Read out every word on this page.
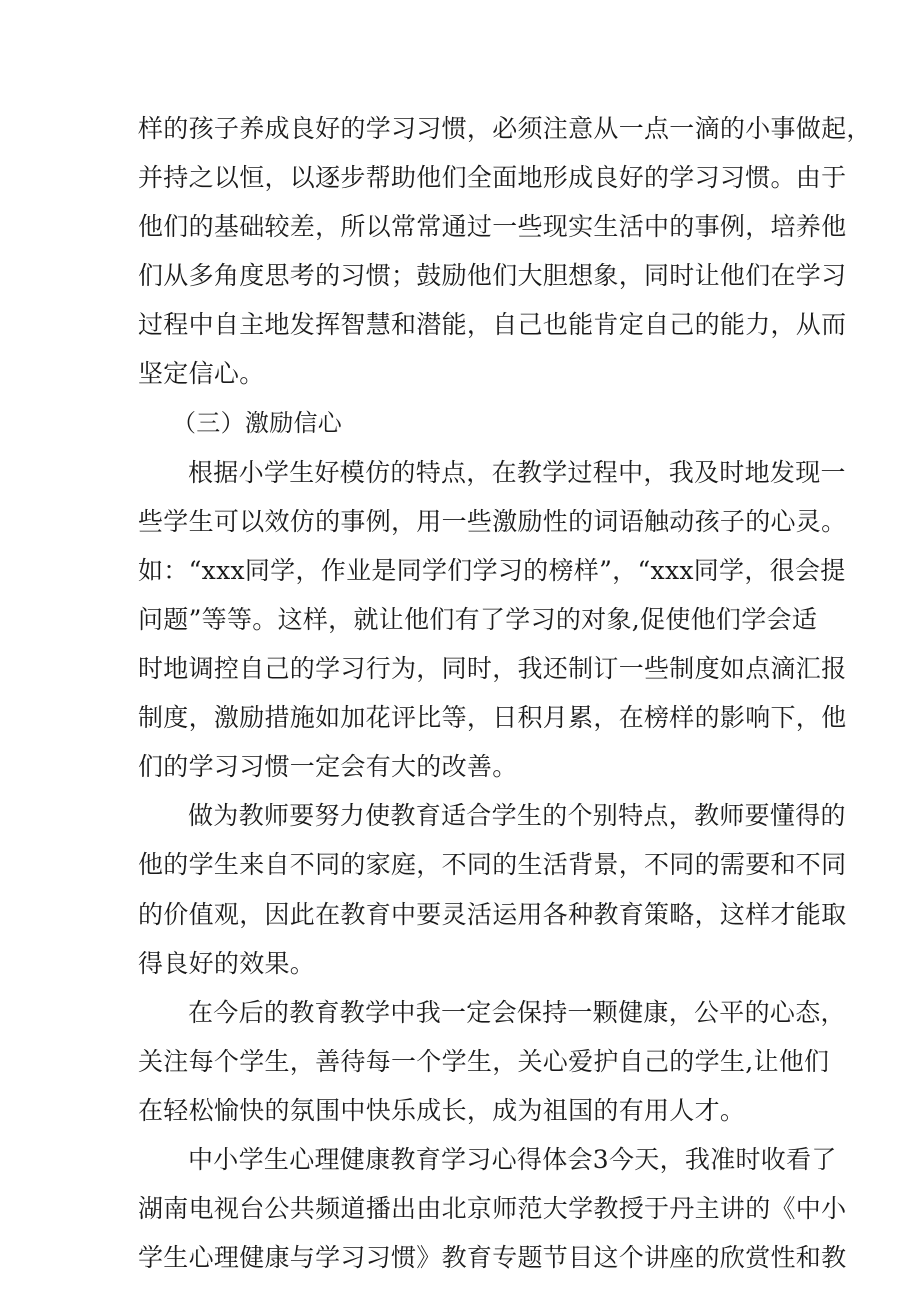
样的孩子养成良好的学习习惯，必须注意从一点一滴的小事做起，
并持之以恒，以逐步帮助他们全面地形成良好的学习习惯。由于
他们的基础较差，所以常常通过一些现实生活中的事例，培养他
们从多角度思考的习惯；鼓励他们大胆想象，同时让他们在学习
过程中自主地发挥智慧和潜能，自己也能肯定自己的能力，从而
坚定信心。

（三）激励信心

根据小学生好模仿的特点，在教学过程中，我及时地发现一
些学生可以效仿的事例，用一些激励性的词语触动孩子的心灵。
如：“xxx同学，作业是同学们学习的榜样”，“xxx同学，很会提
问题”等等。这样，就让他们有了学习的对象,促使他们学会适
时地调控自己的学习行为，同时，我还制订一些制度如点滴汇报
制度，激励措施如加花评比等，日积月累，在榜样的影响下，他
们的学习习惯一定会有大的改善。

做为教师要努力使教育适合学生的个别特点，教师要懂得的
他的学生来自不同的家庭，不同的生活背景，不同的需要和不同
的价值观，因此在教育中要灵活运用各种教育策略，这样才能取
得良好的效果。

在今后的教育教学中我一定会保持一颗健康，公平的心态，
关注每个学生，善待每一个学生，关心爱护自己的学生,让他们
在轻松愉快的氛围中快乐成长，成为祖国的有用人才。

中小学生心理健康教育学习心得体会3今天，我准时收看了
湖南电视台公共频道播出由北京师范大学教授于丹主讲的《中小
学生心理健康与学习习惯》教育专题节目这个讲座的欣赏性和教
